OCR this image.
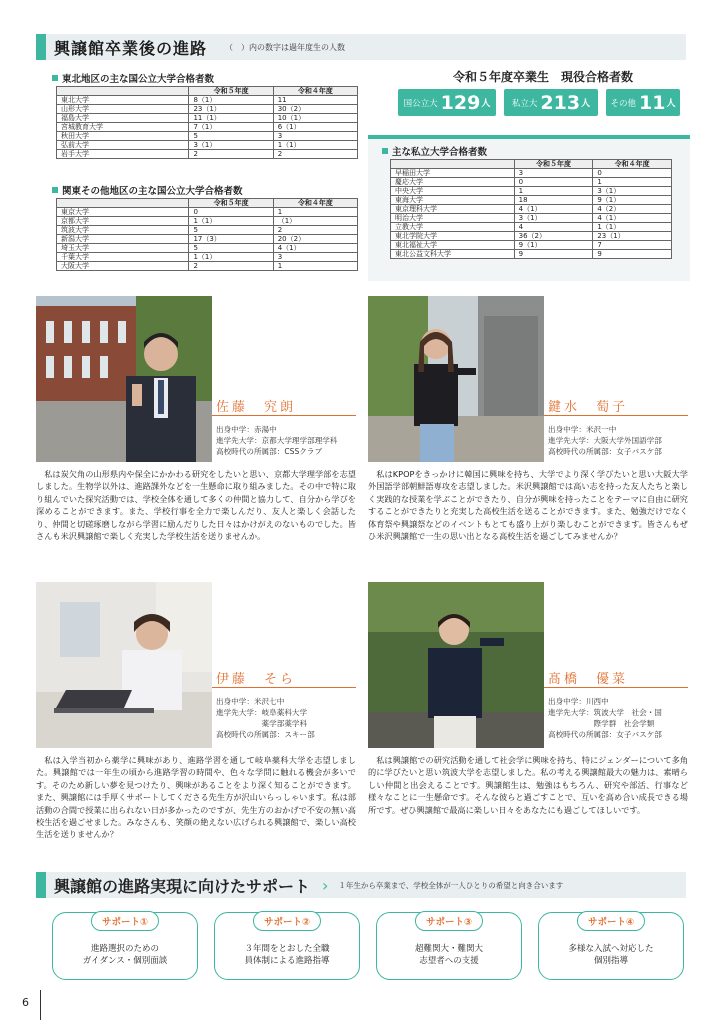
興譲館卒業後の進路 （　）内の数字は過年度生の人数
東北地区の主な国公立大学合格者数
	令和５年度	令和４年度
東北大学	8（1）	11
山形大学	23（1）	30（2）
福島大学	11（1）	10（1）
宮城教育大学	7（1）	6（1）
秋田大学	5	3
弘前大学	3（1）	1（1）
岩手大学	2	2
関東その他地区の主な国公立大学合格者数
	令和５年度	令和４年度
東京大学	0	1
京都大学	1（1）	（1）
筑波大学	5	2
新潟大学	17（3）	20（2）
埼玉大学	5	4（1）
千葉大学	1（1）	3
大阪大学	2	1
令和５年度卒業生　現役合格者数
国公立大 129 人	私立大 213 人 その他 11 人
主な私立大学合格者数
	令和５年度	令和４年度
早稲田大学	3	0
慶応大学	0	1
中央大学	1	3（1）
東海大学	18	9（1）
東京理科大学	4（1）	4（2）
明治大学	3（1）	4（1）
立教大学	4	1（1）
東北学院大学	36（2）	23（1）
東北福祉大学	9（1）	7
東北公益文科大学	9	9
佐藤　究朗
出身中学：赤湯中
進学先大学：京都大学理学部理学科
高校時代の所属部：CSSクラブ
私は炭欠角の山形県内や保全にかかわる研究をしたいと思い、京都大学理学部を志望しました。生物学以外は、進路課外などを一生懸命に取り組みました。その中で特に取り組んでいた探究活動では、学校全体を通して多くの仲間と協力して、自分から学びを深めることができます。また、学校行事を全力で楽しんだり、友人と楽しく会話したり、仲間と切磋琢磨しながら学習に励んだりした日々はかけがえのないものでした。皆さんも米沢興譲館で楽しく充実した学校生活を送りませんか。
鍵水　萄子
出身中学：米沢一中
進学先大学：大阪大学外国語学部
高校時代の所属部：女子バスケ部
私はKPOPをきっかけに韓国に興味を持ち、大学でより深く学びたいと思い大阪大学外国語学部朝鮮語専攻を志望しました。米沢興譲館では高い志を持った友人たちと楽しく実践的な授業を学ぶことができたり、自分が興味を持ったことをテーマに自由に研究することができたりと充実した高校生活を送ることができます。また、勉強だけでなく体育祭や興譲祭などのイベントもとても盛り上がり楽しむことができます。皆さんもぜひ米沢興譲館で一生の思い出となる高校生活を過ごしてみませんか？
伊藤　そら
出身中学：米沢七中
進学先大学：岐阜薬科大学
　　　　　　薬学部薬学科
高校時代の所属部：スキー部
私は入学当初から薬学に興味があり、進路学習を通して岐阜薬科大学を志望しました。興譲館では一年生の頃から進路学習の時間や、色々な学問に触れる機会が多いです。そのため新しい夢を見つけたり、興味があることをより深く知ることができます。また、興譲館には手厚くサポートしてくださる先生方が沢山いらっしゃいます。私は部活動の合間で授業に出られない日が多かったのですが、先生方のおかげで不安の無い高校生活を過ごせました。みなさんも、笑顔の絶えない広げられる興譲館で、楽しい高校生活を送りませんか？
髙橋　優菜
出身中学：川西中
進学先大学：筑波大学　社会・国
　　　　　　際学群　社会学類
高校時代の所属部：女子バスケ部
私は興譲館での研究活動を通して社会学に興味を持ち、特にジェンダーについて多角的に学びたいと思い筑波大学を志望しました。私の考える興譲館最大の魅力は、素晴らしい仲間と出会えることです。興譲館生は、勉強はもちろん、研究や部活、行事など様々なことに一生懸命です。そんな彼らと過ごすことで、互いを高め合い成長できる場所です。ぜひ興譲館で最高に楽しい日々をあなたにも過ごしてほしいです。
興譲館の進路実現に向けたサポート › １年生から卒業まで、学校全体が一人ひとりの希望と向き合います
サポート①
進路選択のための
ガイダンス・個別面談
サポート②
３年間をとおした全職
員体制による進路指導
サポート③
超難関大・難関大
志望者への支援
サポート④
多様な入試へ対応した
個別指導
6
